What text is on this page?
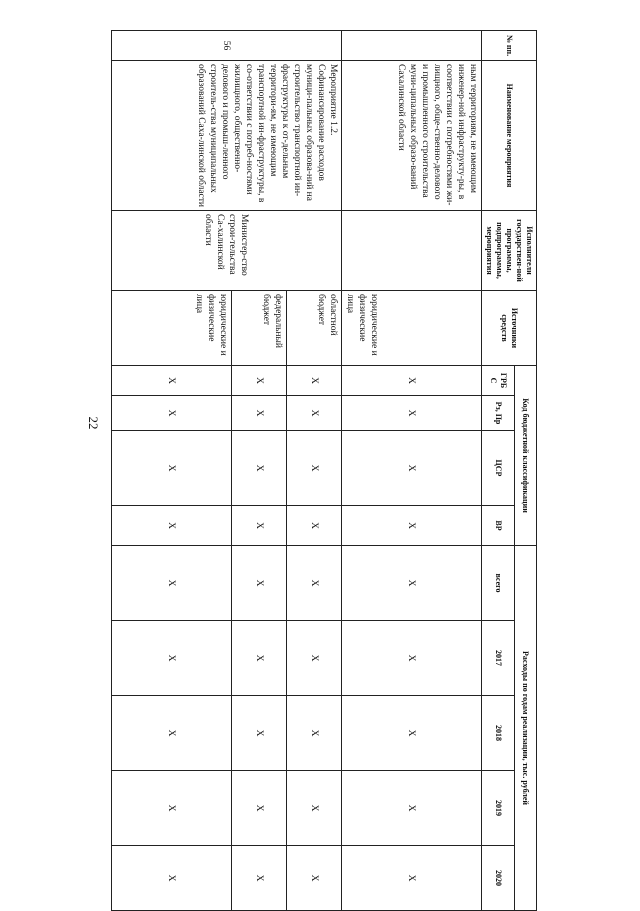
22
№ пп.	Наименование мероприятия	Исполнители государствен-ной программы, подпрограммы, мероприятия	Источники средств	Код бюджетной классификации				Расходы по годам реализации, тыс. рублей				
				ГРБ С	Рз, Пр	ЦСР	ВР	всего	2017	2018	2019	2020

	ным территориям, не имеющим инженер-ной инфраструкту-ры, в соответствии с потребностями жи-лищного, обще-ственно-делового и промышленного строительства муни-ципальных образо-ваний Сахалинской области		юридические и физические лица	X	X	X	X	X	X	X	X	X
56	Мероприятие 1.2. Софинансирование расходов муници-пальных образова-ний на строительство транспортной ин-фраструктуры к от-дельным территори-ям, не имеющим транспортной ин-фраструктуры, в со-ответствии с потреб-ностями жилищного, общественно-делового и промыш-ленного строитель-ства муниципальных образований Саха-линской области	Министер-ство строи-тельства Са-халинской области	областной бюджет	X	X	X	X	X	X	X	X	X
			федеральный бюджет	X	X	X	X	X	X	X	X	X
			юридические и физические лица	X	X	X	X	X	X	X	X	X
